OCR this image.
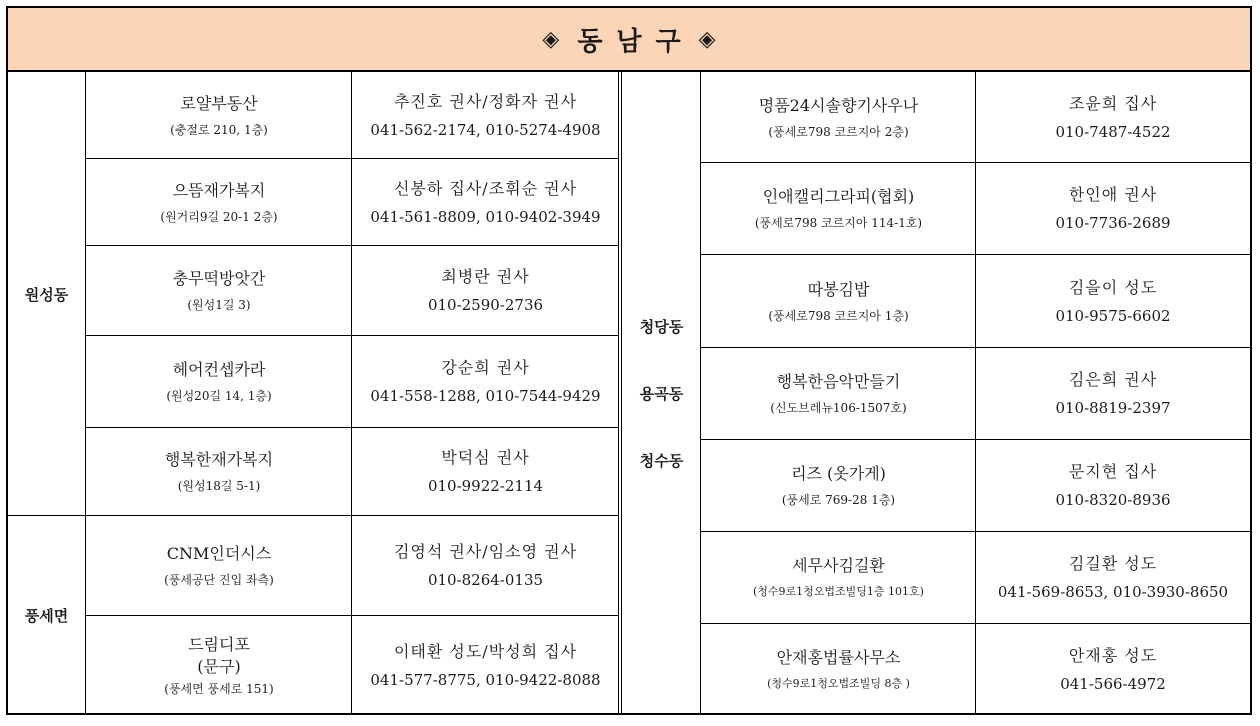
◈ 동남구 ◈
원성동
풍세면
로얄부동산
(충절로 210, 1층)
추진호 권사/정화자 권사
041-562-2174, 010-5274-4908
으뜸재가복지
(원거리9길 20-1 2층)
신봉하 집사/조휘순 권사
041-561-8809, 010-9402-3949
충무떡방앗간
(원성1길 3)
최병란 권사
010-2590-2736
헤어컨셉카라
(원성20길 14, 1층)
강순희 권사
041-558-1288, 010-7544-9429
행복한재가복지
(원성18길 5-1)
박덕심 권사
010-9922-2114
CNM인더시스
(풍세공단 진입 좌측)
김영석 권사/임소영 권사
010-8264-0135
드림디포
(문구)
(풍세면 풍세로 151)
이태환 성도/박성희 집사
041-577-8775, 010-9422-8088
청당동
용곡동
청수동
명품24시솔향기사우나
(풍세로798 코르지아 2층)
조윤희 집사
010-7487-4522
인애캘리그라피(협회)
(풍세로798 코르지아 114-1호)
한인애 권사
010-7736-2689
따봉김밥
(풍세로798 코르지아 1층)
김을이 성도
010-9575-6602
행복한음악만들기
(신도브레뉴106-1507호)
김은희 권사
010-8819-2397
리즈 (옷가게)
(풍세로 769-28 1층)
문지현 집사
010-8320-8936
세무사김길환
(청수9로1청오법조빌딩1층 101호)
김길환 성도
041-569-8653, 010-3930-8650
안재홍법률사무소
(청수9로1청오법조빌딩 8층 )
안재홍 성도
041-566-4972
